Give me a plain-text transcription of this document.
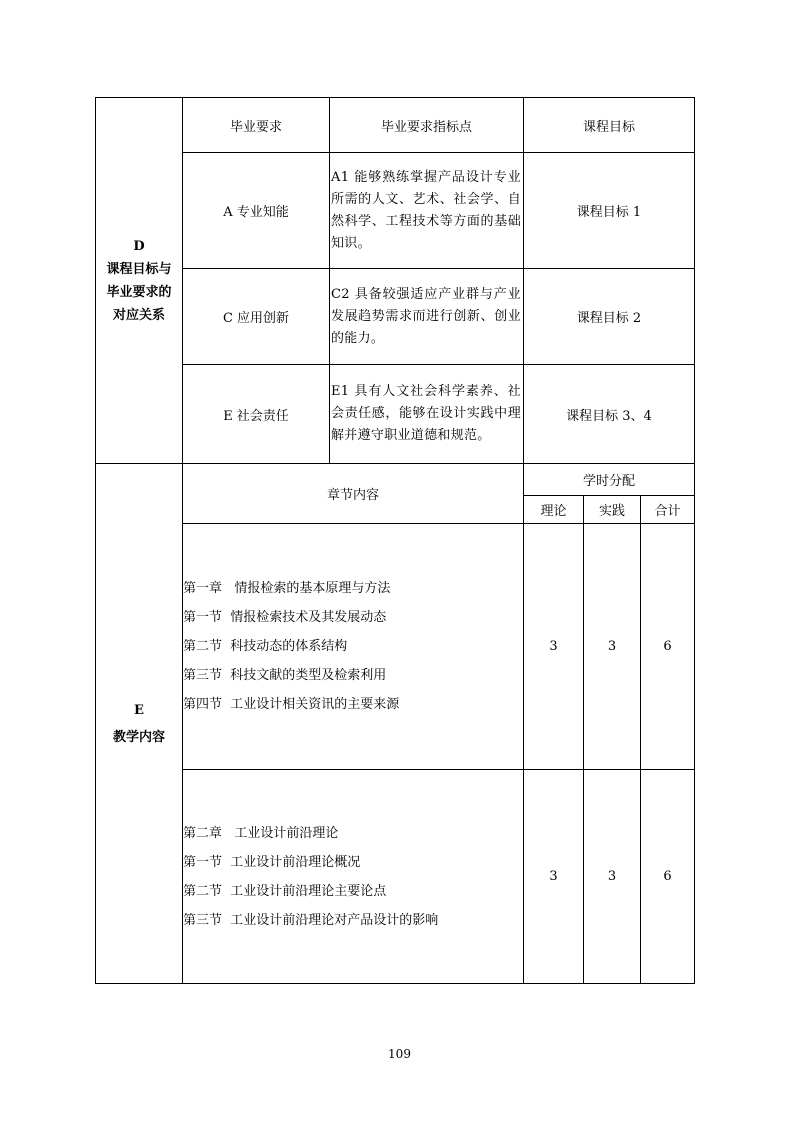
D
课程目标与
毕业要求的
对应关系	毕业要求	毕业要求指标点	课程目标		
	A 专业知能	A1 能够熟练掌握产品设计专业所需的人文、艺术、社会学、自然科学、工程技术等方面的基础知识。	课程目标 1		
	C 应用创新	C2 具备较强适应产业群与产业发展趋势需求而进行创新、创业的能力。	课程目标 2		
	E 社会责任	E1 具有人文社会科学素养、社会责任感，能够在设计实践中理解并遵守职业道德和规范。	课程目标 3、4		

E
教学内容	章节内容		学时分配		
			理论	实践	合计

	第一章   情报检索的基本原理与方法
第一节  情报检索技术及其发展动态
第二节  科技动态的体系结构
第三节  科技文献的类型及检索利用
第四节  工业设计相关资讯的主要来源		3	3	6

	第二章   工业设计前沿理论
第一节  工业设计前沿理论概况
第二节  工业设计前沿理论主要论点
第三节  工业设计前沿理论对产品设计的影响		3	3	6
109
